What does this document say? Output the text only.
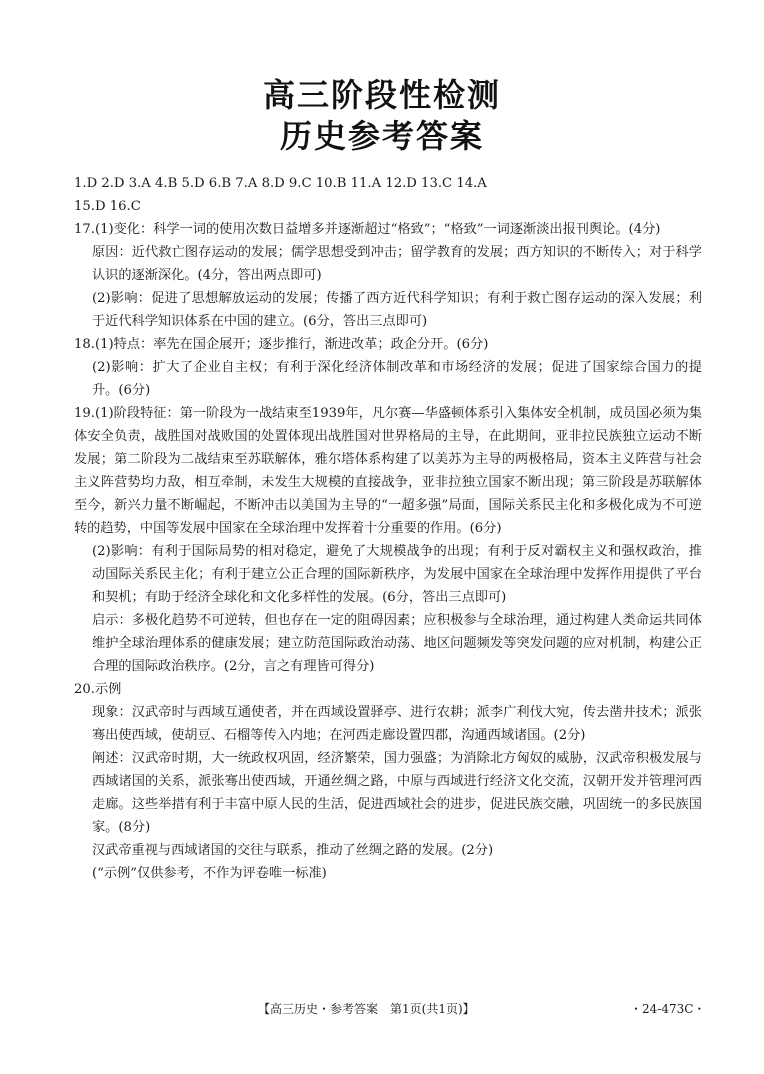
高三阶段性检测
历史参考答案

1.D 2.D 3.A 4.B 5.D 6.B 7.A 8.D 9.C 10.B 11.A 12.D 13.C 14.A

15.D 16.C

17.(1)变化：科学一词的使用次数日益增多并逐渐超过“格致”；“格致”一词逐渐淡出报刊舆论。(4分)

原因：近代救亡图存运动的发展；儒学思想受到冲击；留学教育的发展；西方知识的不断传入；对于科学认识的逐渐深化。(4分，答出两点即可)

(2)影响：促进了思想解放运动的发展；传播了西方近代科学知识；有利于救亡图存运动的深入发展；利于近代科学知识体系在中国的建立。(6分，答出三点即可)

18.(1)特点：率先在国企展开；逐步推行，渐进改革；政企分开。(6分)

(2)影响：扩大了企业自主权；有利于深化经济体制改革和市场经济的发展；促进了国家综合国力的提升。(6分)

19.(1)阶段特征：第一阶段为一战结束至1939年，凡尔赛—华盛顿体系引入集体安全机制，成员国必须为集体安全负责，战胜国对战败国的处置体现出战胜国对世界格局的主导，在此期间，亚非拉民族独立运动不断发展；第二阶段为二战结束至苏联解体，雅尔塔体系构建了以美苏为主导的两极格局，资本主义阵营与社会主义阵营势均力敌，相互牵制，未发生大规模的直接战争，亚非拉独立国家不断出现；第三阶段是苏联解体至今，新兴力量不断崛起，不断冲击以美国为主导的“一超多强”局面，国际关系民主化和多极化成为不可逆转的趋势，中国等发展中国家在全球治理中发挥着十分重要的作用。(6分)

(2)影响：有利于国际局势的相对稳定，避免了大规模战争的出现；有利于反对霸权主义和强权政治，推动国际关系民主化；有利于建立公正合理的国际新秩序，为发展中国家在全球治理中发挥作用提供了平台和契机；有助于经济全球化和文化多样性的发展。(6分，答出三点即可)

启示：多极化趋势不可逆转，但也存在一定的阻碍因素；应积极参与全球治理，通过构建人类命运共同体维护全球治理体系的健康发展；建立防范国际政治动荡、地区问题频发等突发问题的应对机制，构建公正合理的国际政治秩序。(2分，言之有理皆可得分)

20.示例

现象：汉武帝时与西域互通使者，并在西域设置驿亭、进行农耕；派李广利伐大宛，传去凿井技术；派张骞出使西域，使胡豆、石榴等传入内地；在河西走廊设置四郡，沟通西域诸国。(2分)

阐述：汉武帝时期，大一统政权巩固，经济繁荣，国力强盛；为消除北方匈奴的威胁，汉武帝积极发展与西域诸国的关系，派张骞出使西域，开通丝绸之路，中原与西域进行经济文化交流，汉朝开发并管理河西走廊。这些举措有利于丰富中原人民的生活，促进西域社会的进步，促进民族交融，巩固统一的多民族国家。(8分)

汉武帝重视与西域诸国的交往与联系，推动了丝绸之路的发展。(2分)

(“示例”仅供参考，不作为评卷唯一标准)

【高三历史・参考答案　第1页(共1页)】	・24-473C・
